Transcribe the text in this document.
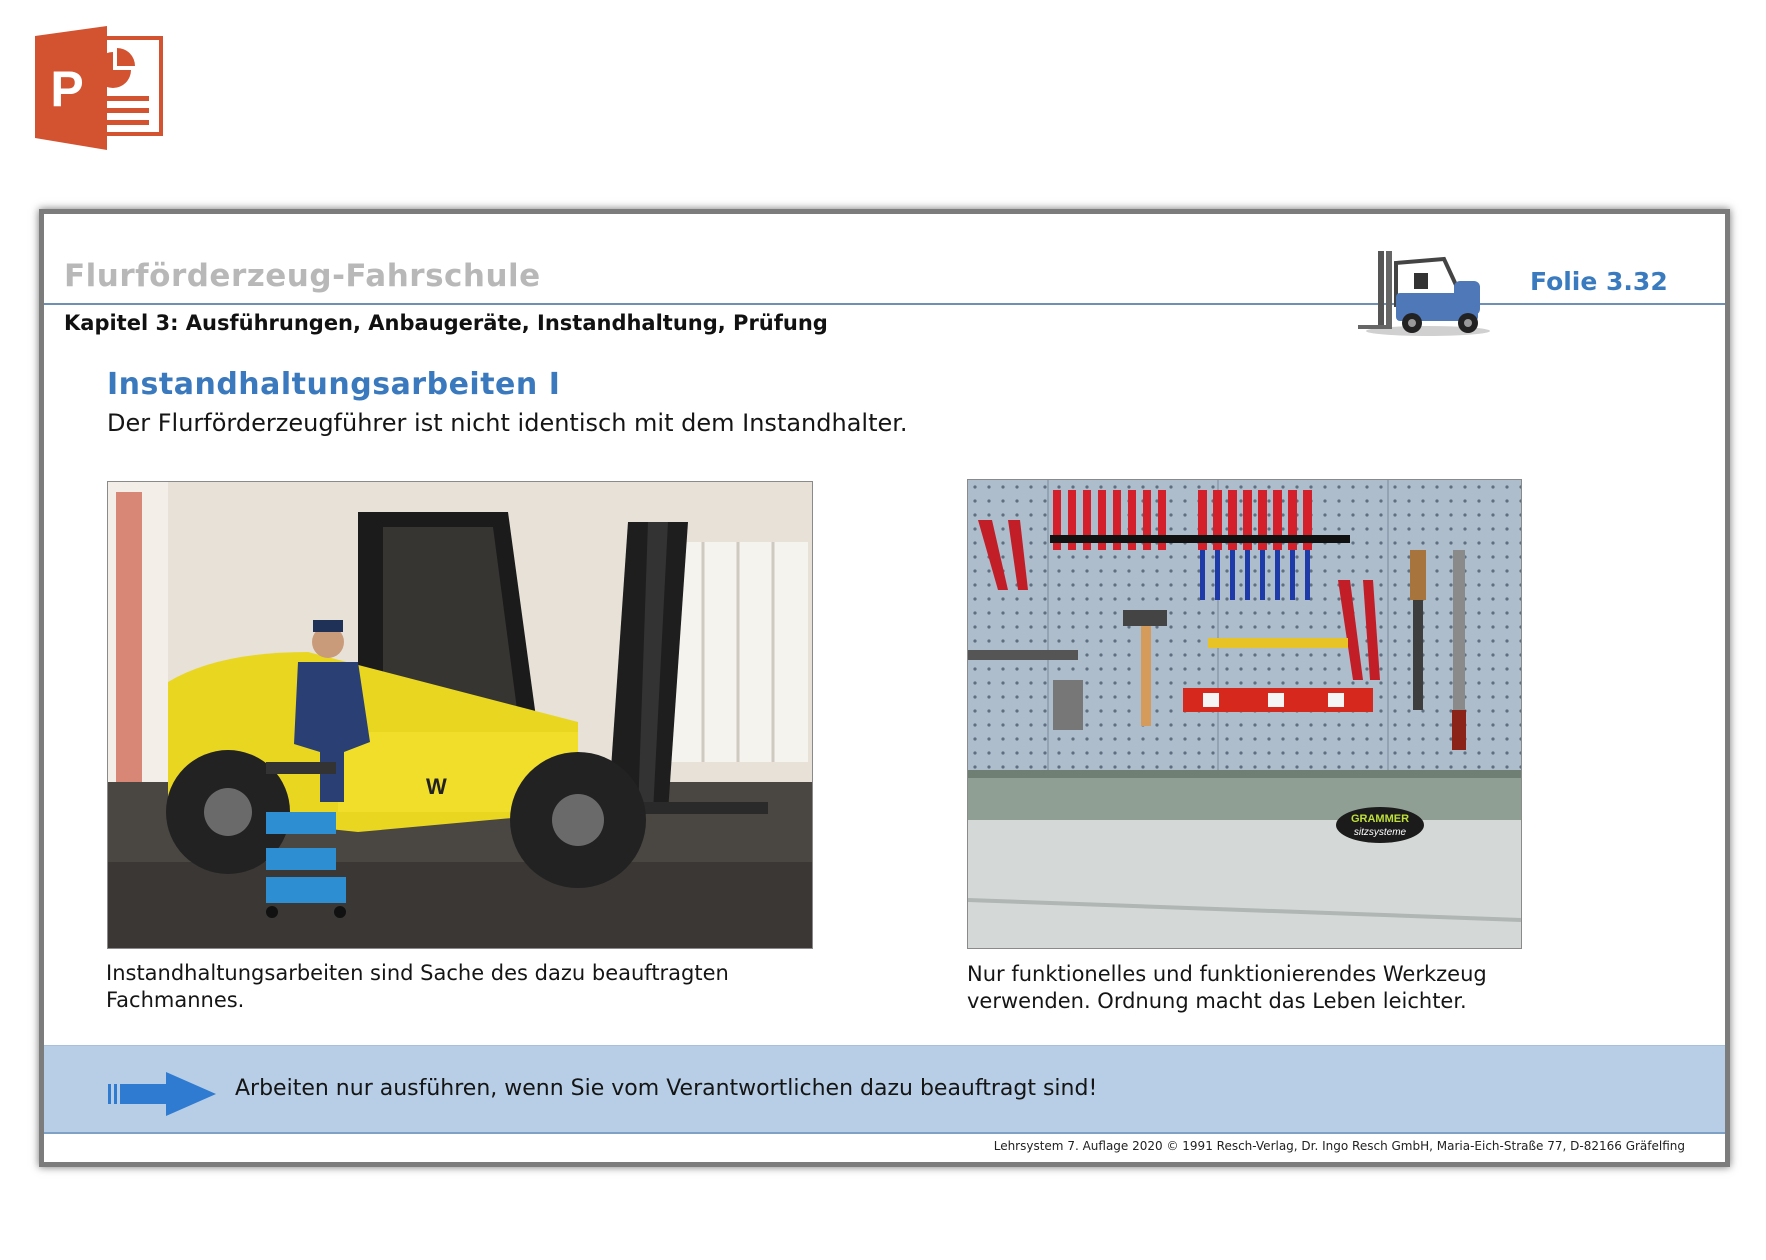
P
Flurförderzeug-Fahrschule
Kapitel 3: Ausführungen, Anbaugeräte, Instandhaltung, Prüfung
Folie 3.32
Instandhaltungsarbeiten I
Der Flurförderzeugführer ist nicht identisch mit dem Instandhalter.
W
Instandhaltungsarbeiten sind Sache des dazu beauftragten Fachmannes.
GRAMMER
sitzsysteme
Nur funktionelles und funktionierendes Werkzeug verwenden. Ordnung macht das Leben leichter.
Arbeiten nur ausführen, wenn Sie vom Verantwortlichen dazu beauftragt sind!
Lehrsystem 7. Auflage 2020 © 1991 Resch-Verlag, Dr. Ingo Resch GmbH, Maria-Eich-Straße 77, D-82166 Gräfelfing
